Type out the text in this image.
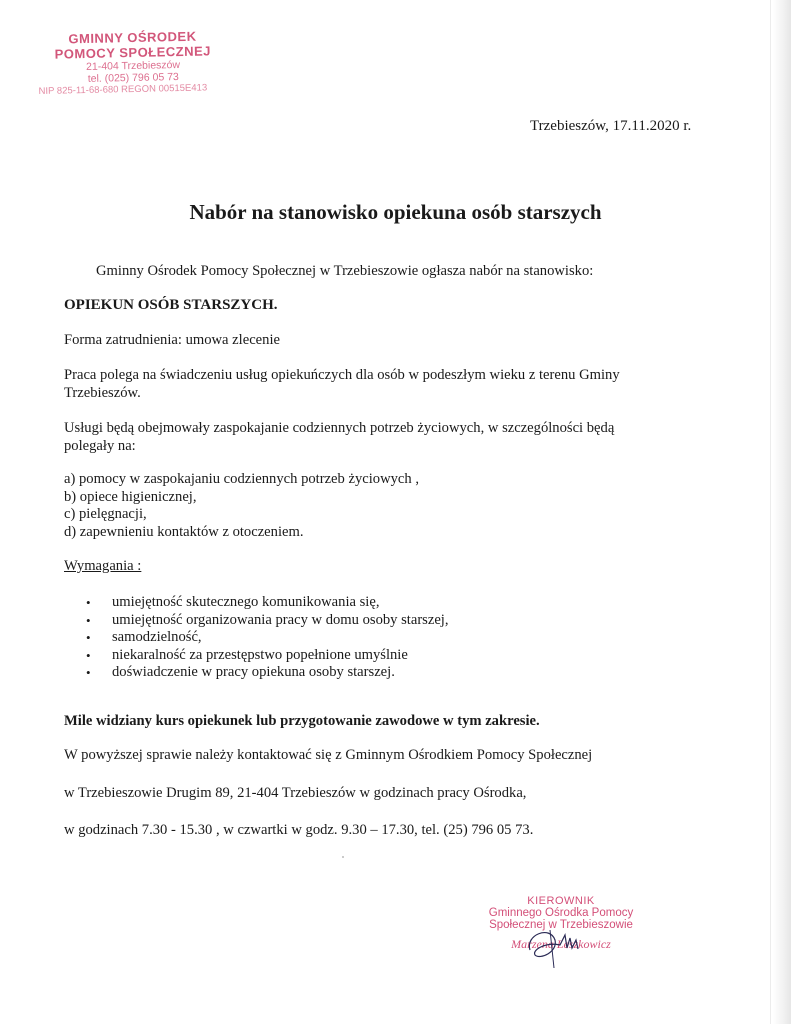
GMINNY OŚRODEK
POMOCY SPOŁECZNEJ
21-404 Trzebieszów
tel. (025) 796 05 73
NIP 825-11-68-680 REGON 00515E413
Trzebieszów, 17.11.2020 r.
Nabór na stanowisko opiekuna osób starszych
Gminny Ośrodek Pomocy Społecznej w Trzebieszowie ogłasza nabór na stanowisko:
OPIEKUN OSÓB STARSZYCH.
Forma zatrudnienia: umowa zlecenie
Praca polega na świadczeniu usług opiekuńczych dla osób w podeszłym wieku z terenu Gminy Trzebieszów.
Usługi będą obejmowały zaspokajanie codziennych potrzeb życiowych, w szczególności będą polegały na:
a) pomocy w zaspokajaniu codziennych potrzeb życiowych ,
b) opiece higienicznej,
c) pielęgnacji,
d) zapewnieniu kontaktów z otoczeniem.
Wymagania :
•	umiejętność skutecznego komunikowania się,
•	umiejętność organizowania pracy w domu osoby starszej,
•	samodzielność,
•	niekaralność za przestępstwo popełnione umyślnie
•	doświadczenie w pracy opiekuna osoby starszej.
Mile widziany kurs opiekunek lub przygotowanie zawodowe w tym zakresie.
W powyższej sprawie należy kontaktować się z Gminnym Ośrodkiem Pomocy Społecznej
w Trzebieszowie Drugim 89, 21-404 Trzebieszów w godzinach pracy Ośrodka,
w godzinach 7.30 - 15.30 , w czwartki w godz. 9.30 – 17.30, tel. (25) 796 05 73.
KIEROWNIK
Gminnego Ośrodka Pomocy
Społecznej w Trzebieszowie
Marzena Leszkowicz
